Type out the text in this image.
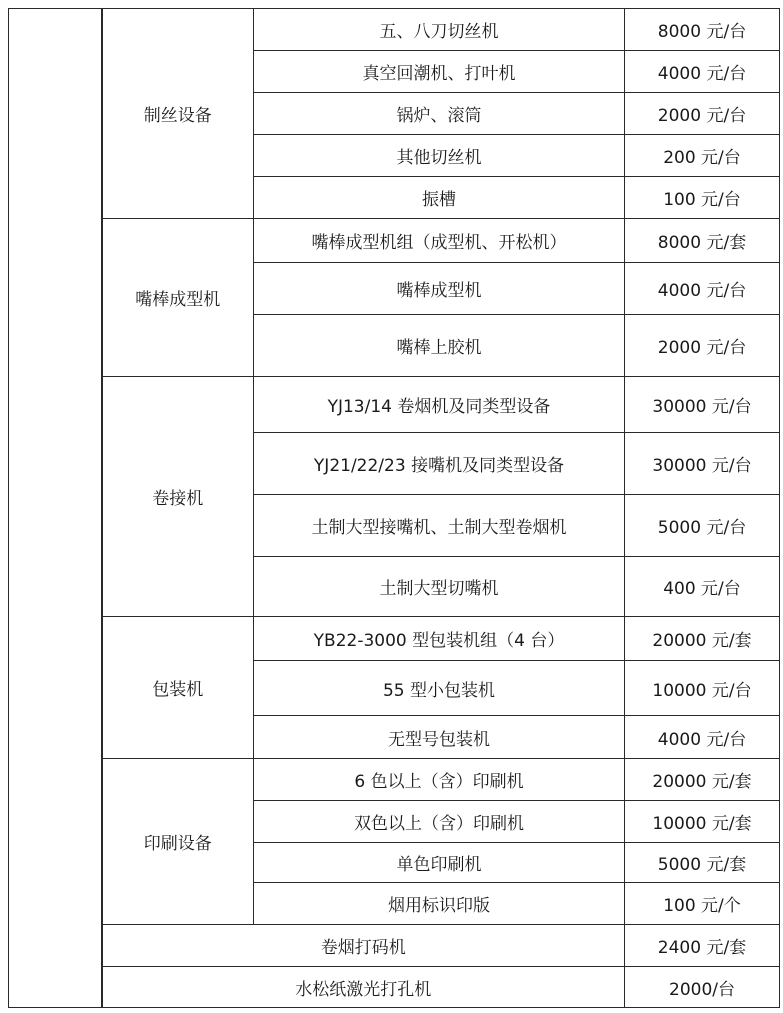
	制丝设备	五、八刀切丝机	8000 元/台
		真空回潮机、打叶机	4000 元/台
		锅炉、滚筒	2000 元/台
		其他切丝机	200 元/台
		振槽	100 元/台
	嘴棒成型机	嘴棒成型机组（成型机、开松机）	8000 元/套
		嘴棒成型机	4000 元/台
		嘴棒上胶机	2000 元/台
	卷接机	YJ13/14 卷烟机及同类型设备	30000 元/台
		YJ21/22/23 接嘴机及同类型设备	30000 元/台
		土制大型接嘴机、土制大型卷烟机	5000 元/台
		土制大型切嘴机	400 元/台
	包装机	YB22-3000 型包装机组（4 台）	20000 元/套
		55 型小包装机	10000 元/台
		无型号包装机	4000 元/台
	印刷设备	6 色以上（含）印刷机	20000 元/套
		双色以上（含）印刷机	10000 元/套
		单色印刷机	5000 元/套
		烟用标识印版	100 元/个
	卷烟打码机		2400 元/套
	水松纸激光打孔机		2000/台
